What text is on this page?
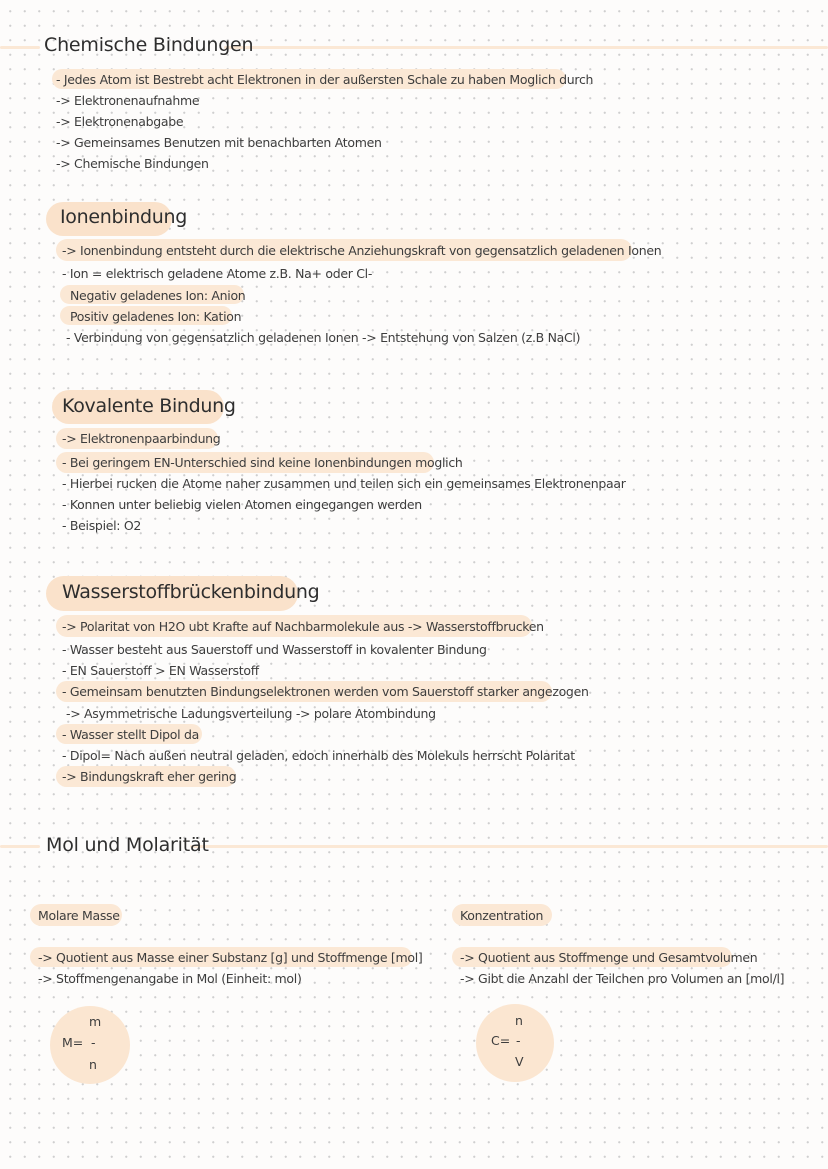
Chemische Bindungen
- Jedes Atom ist Bestrebt acht Elektronen in der außersten Schale zu haben Moglich durch
-> Elektronenaufnahme
-> Elektronenabgabe
-> Gemeinsames Benutzen mit benachbarten Atomen
-> Chemische Bindungen
Ionenbindung
-> Ionenbindung entsteht durch die elektrische Anziehungskraft von gegensatzlich geladenen Ionen
- Ion = elektrisch geladene Atome z.B. Na+ oder Cl-
Negativ geladenes Ion: Anion
Positiv geladenes Ion: Kation
- Verbindung von gegensatzlich geladenen Ionen -> Entstehung von Salzen (z.B NaCl)
Kovalente Bindung
-> Elektronenpaarbindung
- Bei geringem EN-Unterschied sind keine Ionenbindungen moglich
- Hierbei rucken die Atome naher zusammen und teilen sich ein gemeinsames Elektronenpaar
- Konnen unter beliebig vielen Atomen eingegangen werden
- Beispiel: O2
Wasserstoffbrückenbindung
-> Polaritat von H2O ubt Krafte auf Nachbarmolekule aus -> Wasserstoffbrucken
- Wasser besteht aus Sauerstoff und Wasserstoff in kovalenter Bindung
- EN Sauerstoff > EN Wasserstoff
- Gemeinsam benutzten Bindungselektronen werden vom Sauerstoff starker angezogen
-> Asymmetrische Ladungsverteilung -> polare Atombindung
- Wasser stellt Dipol da
- Dipol= Nach außen neutral geladen, edoch innerhalb des Molekuls herrscht Polaritat
-> Bindungskraft eher gering
Mol und Molarität
Molare Masse
-> Quotient aus Masse einer Substanz [g] und Stoffmenge [mol]
-> Stoffmengenangabe in Mol (Einheit: mol)
Konzentration
-> Quotient aus Stoffmenge und Gesamtvolumen
-> Gibt die Anzahl der Teilchen pro Volumen an [mol/l]
M=
m
-
n
C=
n
-
V
